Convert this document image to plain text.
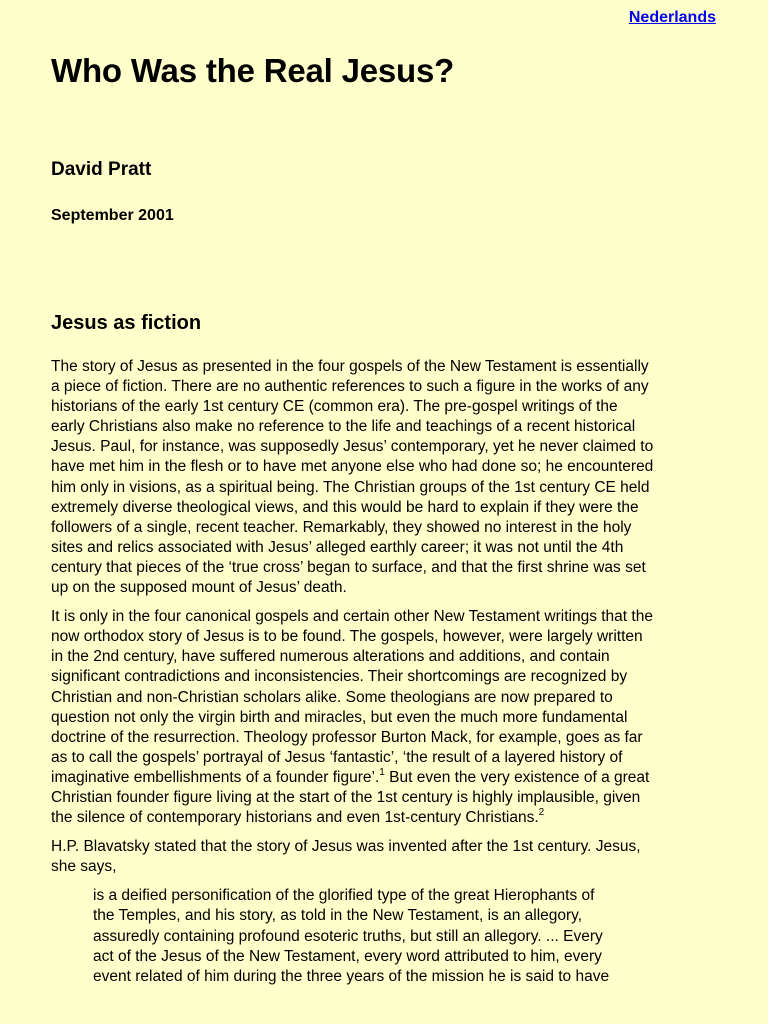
Nederlands
Who Was the Real Jesus?
David Pratt
September 2001
Jesus as fiction

The story of Jesus as presented in the four gospels of the New Testament is essentially
a piece of fiction. There are no authentic references to such a figure in the works of any
historians of the early 1st century CE (common era). The pre-gospel writings of the
early Christians also make no reference to the life and teachings of a recent historical
Jesus. Paul, for instance, was supposedly Jesus’ contemporary, yet he never claimed to
have met him in the flesh or to have met anyone else who had done so; he encountered
him only in visions, as a spiritual being. The Christian groups of the 1st century CE held
extremely diverse theological views, and this would be hard to explain if they were the
followers of a single, recent teacher. Remarkably, they showed no interest in the holy
sites and relics associated with Jesus’ alleged earthly career; it was not until the 4th
century that pieces of the ‘true cross’ began to surface, and that the first shrine was set
up on the supposed mount of Jesus’ death.

It is only in the four canonical gospels and certain other New Testament writings that the
now orthodox story of Jesus is to be found. The gospels, however, were largely written
in the 2nd century, have suffered numerous alterations and additions, and contain
significant contradictions and inconsistencies. Their shortcomings are recognized by
Christian and non-Christian scholars alike. Some theologians are now prepared to
question not only the virgin birth and miracles, but even the much more fundamental
doctrine of the resurrection. Theology professor Burton Mack, for example, goes as far
as to call the gospels’ portrayal of Jesus ‘fantastic’, ‘the result of a layered history of
imaginative embellishments of a founder figure’.$^1$ But even the very existence of a great
Christian founder figure living at the start of the 1st century is highly implausible, given
the silence of contemporary historians and even 1st-century Christians.$^2$

H.P. Blavatsky stated that the story of Jesus was invented after the 1st century. Jesus,
she says,

is a deified personification of the glorified type of the great Hierophants of
the Temples, and his story, as told in the New Testament, is an allegory,
assuredly containing profound esoteric truths, but still an allegory. ... Every
act of the Jesus of the New Testament, every word attributed to him, every
event related of him during the three years of the mission he is said to have
